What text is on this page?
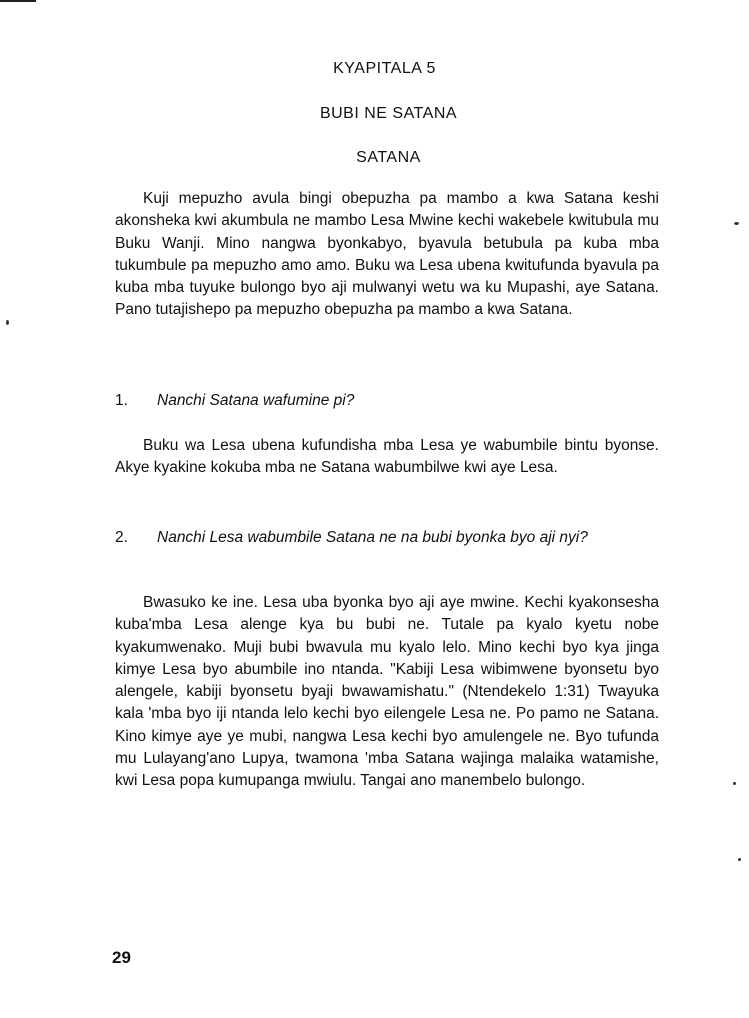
KYAPITALA 5
BUBI NE SATANA
SATANA

Kuji mepuzho avula bingi obepuzha pa mambo a kwa Satana keshi akonsheka kwi akumbula ne mambo Lesa Mwine kechi wakebele kwitubula mu Buku Wanji. Mino nangwa byonkabyo, byavula betubula pa kuba mba tukumbule pa mepuzho amo amo. Buku wa Lesa ubena kwitufunda byavula pa kuba mba tuyuke bulongo byo aji mulwanyi wetu wa ku Mupashi, aye Satana. Pano tutajishepo pa mepuzho obepuzha pa mambo a kwa Satana.

1.	Nanchi Satana wafumine pi?

Buku wa Lesa ubena kufundisha mba Lesa ye wabumbile bintu byonse. Akye kyakine kokuba mba ne Satana wabumbilwe kwi aye Lesa.

2.	Nanchi Lesa wabumbile Satana ne na bubi byonka byo aji nyi?

Bwasuko ke ine. Lesa uba byonka byo aji aye mwine. Kechi kyakonsesha kuba'mba Lesa alenge kya bu bubi ne. Tutale pa kyalo kyetu nobe kyakumwenako. Muji bubi bwavula mu kyalo lelo. Mino kechi byo kya jinga kimye Lesa byo abumbile ino ntanda. "Kabiji Lesa wibimwene byonsetu byo alengele, kabiji byonsetu byaji bwawamishatu." (Ntendekelo 1:31) Twayuka kala 'mba byo iji ntanda lelo kechi byo eilengele Lesa ne. Po pamo ne Satana. Kino kimye aye ye mubi, nangwa Lesa kechi byo amulengele ne. Byo tufunda mu Lulayang'ano Lupya, twamona 'mba Satana wajinga malaika watamishe, kwi Lesa popa kumupanga mwiulu. Tangai ano manembelo bulongo.

29
